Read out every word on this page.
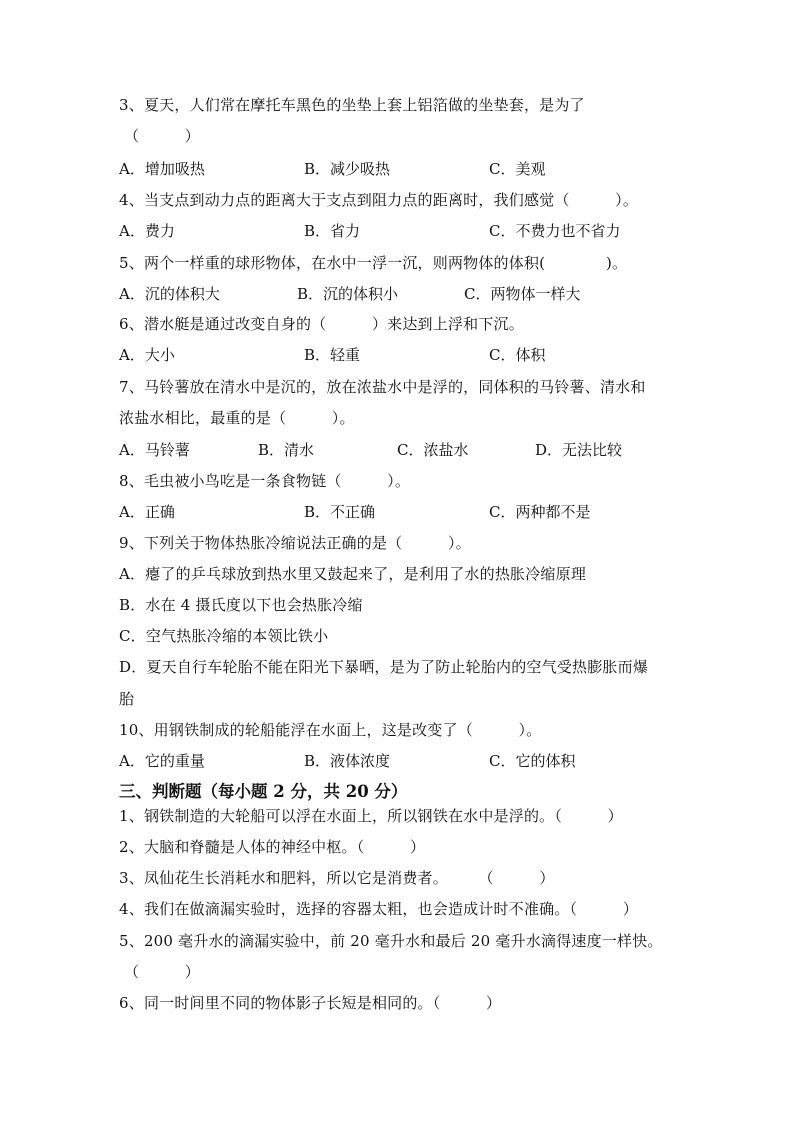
3、夏天，人们常在摩托车黑色的坐垫上套上铝箔做的坐垫套，是为了
（　　　）
A．增加吸热	B．减少吸热	C．美观
4、当支点到动力点的距离大于支点到阻力点的距离时，我们感觉（　　　）。
A．费力	B．省力	C．不费力也不省力
5、两个一样重的球形物体，在水中一浮一沉，则两物体的体积(　　　　)。
A．沉的体积大	B．沉的体积小	C．两物体一样大
6、潜水艇是通过改变自身的（　　　）来达到上浮和下沉。
A．大小	B．轻重	C．体积
7、马铃薯放在清水中是沉的，放在浓盐水中是浮的，同体积的马铃薯、清水和
浓盐水相比，最重的是（　　　）。
A．马铃薯	B．清水	C．浓盐水	D．无法比较
8、毛虫被小鸟吃是一条食物链（　　　）。
A．正确	B．不正确	C．两种都不是
9、下列关于物体热胀冷缩说法正确的是（　　　）。
A．瘪了的乒乓球放到热水里又鼓起来了，是利用了水的热胀冷缩原理
B．水在 4 摄氏度以下也会热胀冷缩
C．空气热胀冷缩的本领比铁小
D．夏天自行车轮胎不能在阳光下暴晒，是为了防止轮胎内的空气受热膨胀而爆
胎
10、用钢铁制成的轮船能浮在水面上，这是改变了（　　　）。
A．它的重量	B．液体浓度	C．它的体积
三、判断题（每小题 2 分，共 20 分）
1、钢铁制造的大轮船可以浮在水面上，所以钢铁在水中是浮的。（　　　）
2、大脑和脊髓是人体的神经中枢。（　　　）
3、凤仙花生长消耗水和肥料，所以它是消费者。　　　（　　　）
4、我们在做滴漏实验时，选择的容器太粗，也会造成计时不准确。（　　　）
5、200 毫升水的滴漏实验中，前 20 毫升水和最后 20 毫升水滴得速度一样快。
（　　　）
6、同一时间里不同的物体影子长短是相同的。（　　　）
